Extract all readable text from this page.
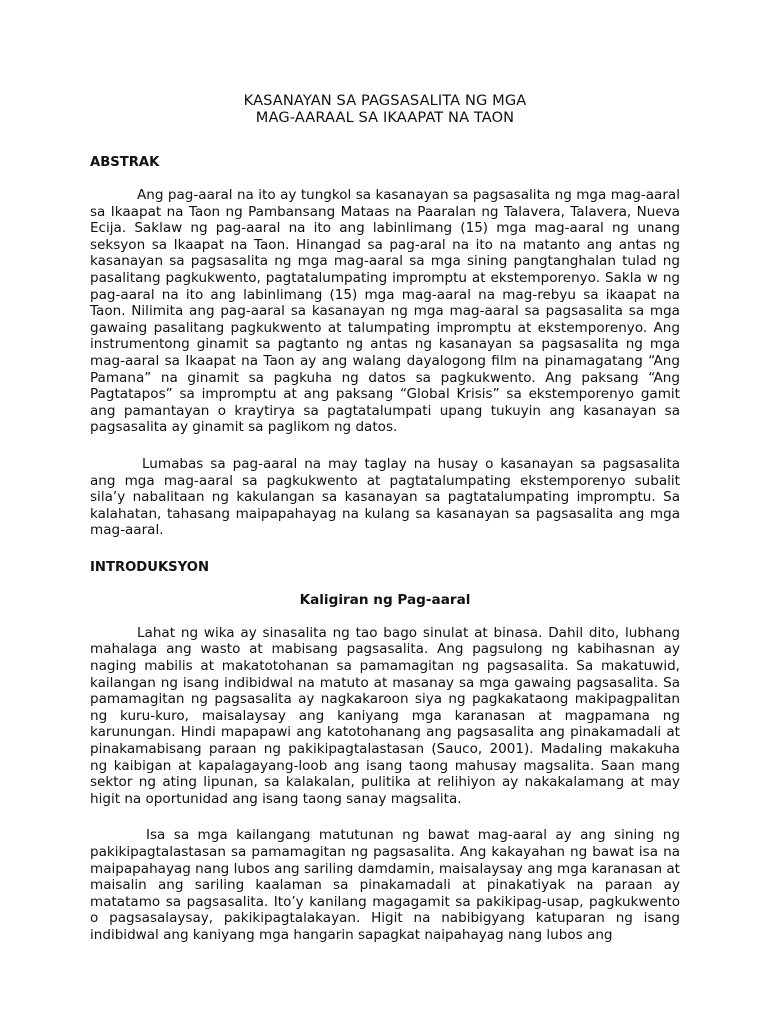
KASANAYAN SA PAGSASALITA NG MGA
MAG-AARAAL SA IKAAPAT NA TAON
ABSTRAK

Ang pag-aaral na ito ay tungkol sa kasanayan sa pagsasalita ng mga mag-aaral sa Ikaapat na Taon ng Pambansang Mataas na Paaralan ng Talavera, Talavera, Nueva Ecija. Saklaw ng pag-aaral na ito ang labinlimang (15) mga mag-aaral ng unang seksyon sa Ikaapat na Taon. Hinangad sa pag-aral na ito na matanto ang antas ng kasanayan sa pagsasalita ng mga mag-aaral sa mga sining pangtanghalan tulad ng pasalitang pagkukwento, pagtatalumpating impromptu at ekstemporenyo. Sakla w ng pag-aaral na ito ang labinlimang (15) mga mag-aaral na mag-rebyu sa ikaapat na Taon. Nilimita ang pag-aaral sa kasanayan ng mga mag-aaral sa pagsasalita sa mga gawaing pasalitang pagkukwento at talumpating impromptu at ekstemporenyo. Ang instrumentong ginamit sa pagtanto ng antas ng kasanayan sa pagsasalita ng mga mag-aaral sa Ikaapat na Taon ay ang walang dayalogong film na pinamagatang “Ang Pamana” na ginamit sa pagkuha ng datos sa pagkukwento. Ang paksang “Ang Pagtatapos” sa impromptu at ang paksang “Global Krisis” sa ekstemporenyo gamit ang pamantayan o kraytirya sa pagtatalumpati upang tukuyin ang kasanayan sa pagsasalita ay ginamit sa paglikom ng datos.

Lumabas sa pag-aaral na may taglay na husay o kasanayan sa pagsasalita ang mga mag-aaral sa pagkukwento at pagtatalumpating ekstemporenyo subalit sila’y nabalitaan ng kakulangan sa kasanayan sa pagtatalumpating impromptu. Sa kalahatan, tahasang maipapahayag na kulang sa kasanayan sa pagsasalita ang mga mag-aaral.

INTRODUKSYON
Kaligiran ng Pag-aaral

Lahat ng wika ay sinasalita ng tao bago sinulat at binasa. Dahil dito, lubhang mahalaga ang wasto at mabisang pagsasalita. Ang pagsulong ng kabihasnan ay naging mabilis at makatotohanan sa pamamagitan ng pagsasalita. Sa makatuwid, kailangan ng isang indibidwal na matuto at masanay sa mga gawaing pagsasalita. Sa pamamagitan ng pagsasalita ay nagkakaroon siya ng pagkakataong makipagpalitan ng kuru-kuro, maisalaysay ang kaniyang mga karanasan at magpamana ng karunungan. Hindi mapapawi ang katotohanang ang pagsasalita ang pinakamadali at pinakamabisang paraan ng pakikipagtalastasan (Sauco, 2001). Madaling makakuha ng kaibigan at kapalagayang-loob ang isang taong mahusay magsalita. Saan mang sektor ng ating lipunan, sa kalakalan, pulitika at relihiyon ay nakakalamang at may higit na oportunidad ang isang taong sanay magsalita.

Isa sa mga kailangang matutunan ng bawat mag-aaral ay ang sining ng pakikipagtalastasan sa pamamagitan ng pagsasalita. Ang kakayahan ng bawat isa na maipapahayag nang lubos ang sariling damdamin, maisalaysay ang mga karanasan at maisalin ang sariling kaalaman sa pinakamadali at pinakatiyak na paraan ay matatamo sa pagsasalita. Ito’y kanilang magagamit sa pakikipag-usap, pagkukwento o pagsasalaysay, pakikipagtalakayan. Higit na nabibigyang katuparan ng isang indibidwal ang kaniyang mga hangarin sapagkat naipahayag nang lubos ang
